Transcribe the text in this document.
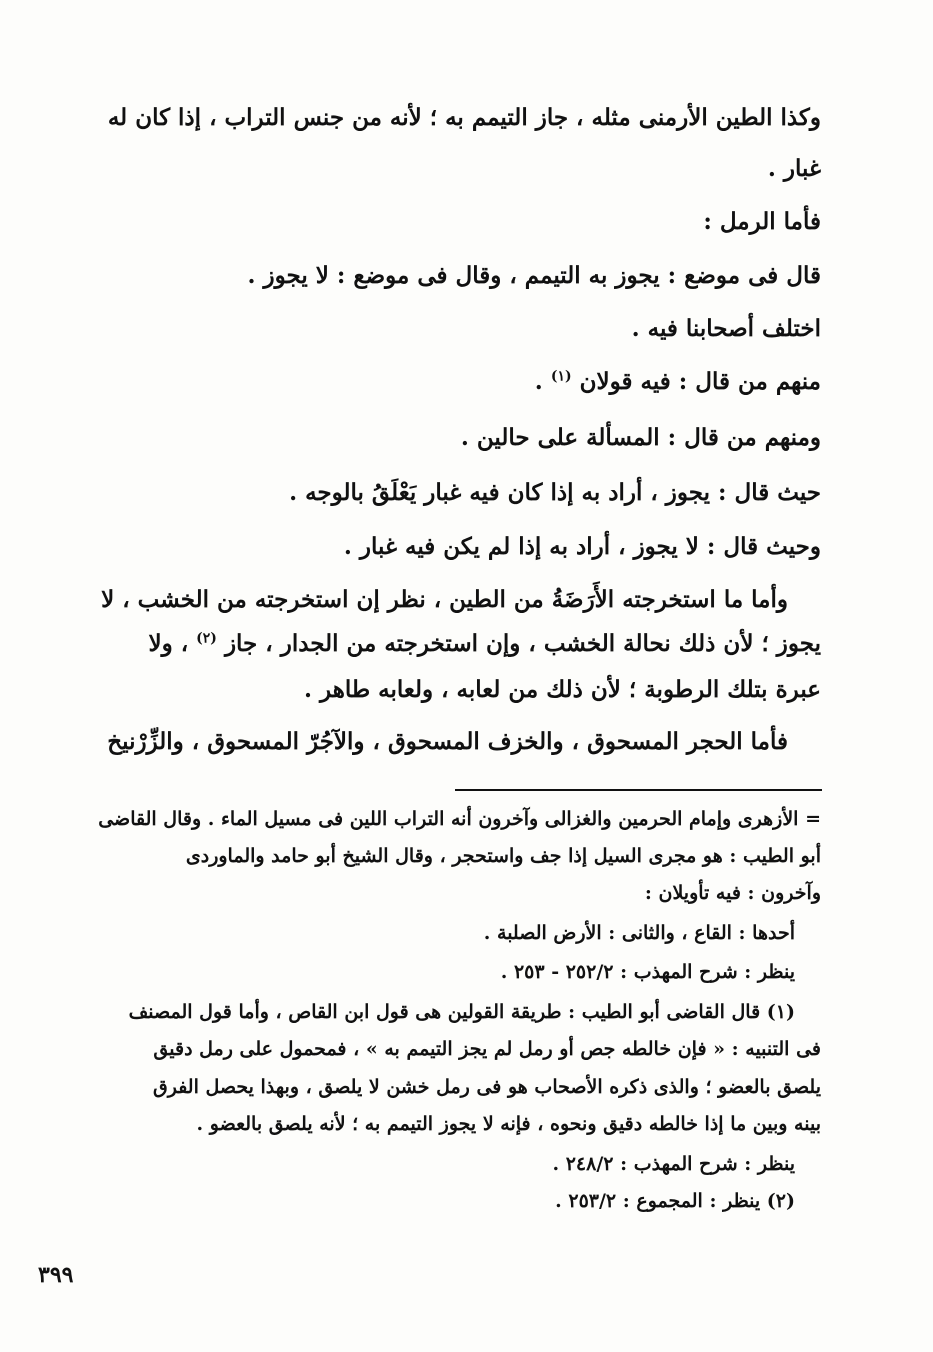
وكذا الطين الأرمنى مثله ، جاز التيمم به ؛ لأنه من جنس التراب ، إذا كان له
غبار .
فأما الرمل :
قال فى موضع : يجوز به التيمم ، وقال فى موضع : لا يجوز .
اختلف أصحابنا فيه .
منهم من قال : فيه قولان $^{(١)}$ .
ومنهم من قال : المسألة على حالين .
حيث قال : يجوز ، أراد به إذا كان فيه غبار يَعْلَقُ بالوجه .
وحيث قال : لا يجوز ، أراد به إذا لم يكن فيه غبار .
وأما ما استخرجته الأَرَضَةُ من الطين ، نظر إن استخرجته من الخشب ، لا
يجوز ؛ لأن ذلك نحالة الخشب ، وإن استخرجته من الجدار ، جاز $^{(٢)}$ ، ولا
عبرة بتلك الرطوبة ؛ لأن ذلك من لعابه ، ولعابه طاهر .
فأما الحجر المسحوق ، والخزف المسحوق ، والآجُرّ المسحوق ، والزِّرْنيخ
= الأزهرى وإمام الحرمين والغزالى وآخرون أنه التراب اللين فى مسيل الماء . وقال القاضى
أبو الطيب : هو مجرى السيل إذا جف واستحجر ، وقال الشيخ أبو حامد والماوردى
وآخرون : فيه تأويلان :
أحدها : القاع ، والثانى : الأرض الصلبة .
ينظر : شرح المهذب : ٢٥٢/٢ - ٢٥٣ .
(١) قال القاضى أبو الطيب : طريقة القولين هى قول ابن القاص ، وأما قول المصنف
فى التنبيه : « فإن خالطه جص أو رمل لم يجز التيمم به » ، فمحمول على رمل دقيق
يلصق بالعضو ؛ والذى ذكره الأصحاب هو فى رمل خشن لا يلصق ، وبهذا يحصل الفرق
بينه وبين ما إذا خالطه دقيق ونحوه ، فإنه لا يجوز التيمم به ؛ لأنه يلصق بالعضو .
ينظر : شرح المهذب : ٢٤٨/٢ .
(٢) ينظر : المجموع : ٢٥٣/٢ .
٣٩٩
